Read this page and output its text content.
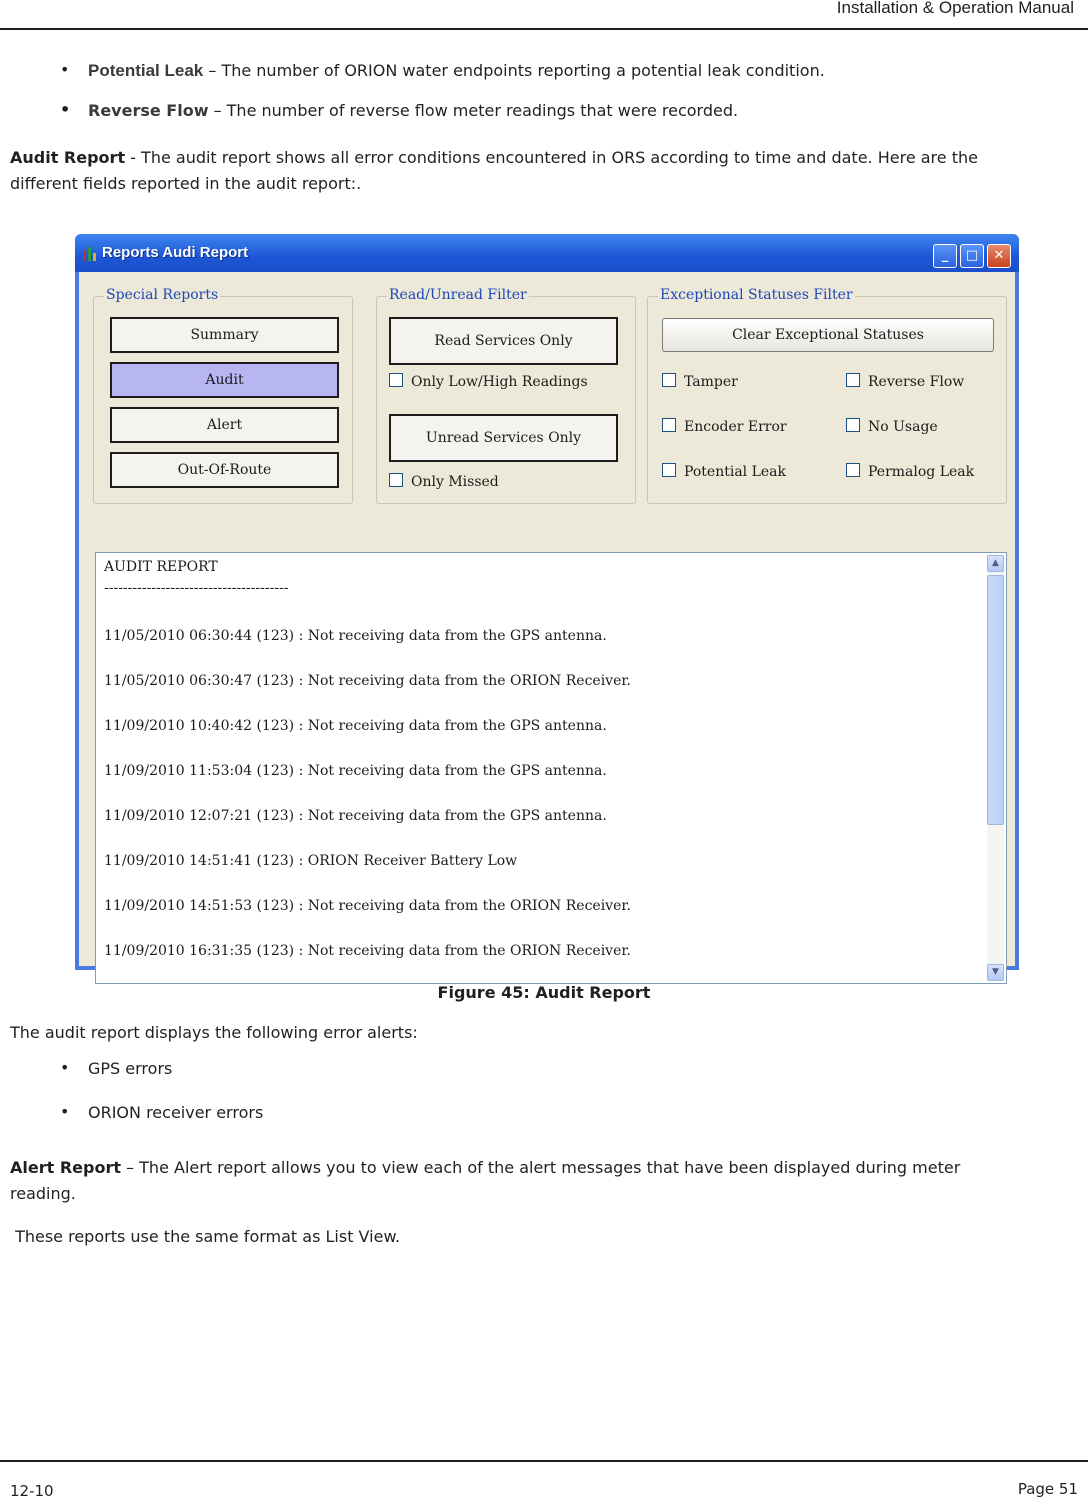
Installation & Operation Manual
• Potential Leak – The number of ORION water endpoints reporting a potential leak condition.
• Reverse Flow – The number of reverse flow meter readings that were recorded.
Audit Report - The audit report shows all error conditions encountered in ORS according to time and date. Here are the
different fields reported in the audit report:.
Reports Audi Report	_	□	✕
Special Reports
Summary
Audit
Alert
Out-Of-Route
Read/Unread Filter
Read Services Only
Only Low/High Readings
Unread Services Only
Only Missed
Exceptional Statuses Filter
Clear Exceptional Statuses
Tamper	Reverse Flow
Encoder Error	No Usage
Potential Leak	Permalog Leak
AUDIT REPORT
---------------------------------------
11/05/2010 06:30:44 (123) : Not receiving data from the GPS antenna.
11/05/2010 06:30:47 (123) : Not receiving data from the ORION Receiver.
11/09/2010 10:40:42 (123) : Not receiving data from the GPS antenna.
11/09/2010 11:53:04 (123) : Not receiving data from the GPS antenna.
11/09/2010 12:07:21 (123) : Not receiving data from the GPS antenna.
11/09/2010 14:51:41 (123) : ORION Receiver Battery Low
11/09/2010 14:51:53 (123) : Not receiving data from the ORION Receiver.
11/09/2010 16:31:35 (123) : Not receiving data from the ORION Receiver.
▲
▼
Figure 45: Audit Report
The audit report displays the following error alerts:
• GPS errors
• ORION receiver errors
Alert Report – The Alert report allows you to view each of the alert messages that have been displayed during meter
reading.
These reports use the same format as List View.
12-10	Page 51
